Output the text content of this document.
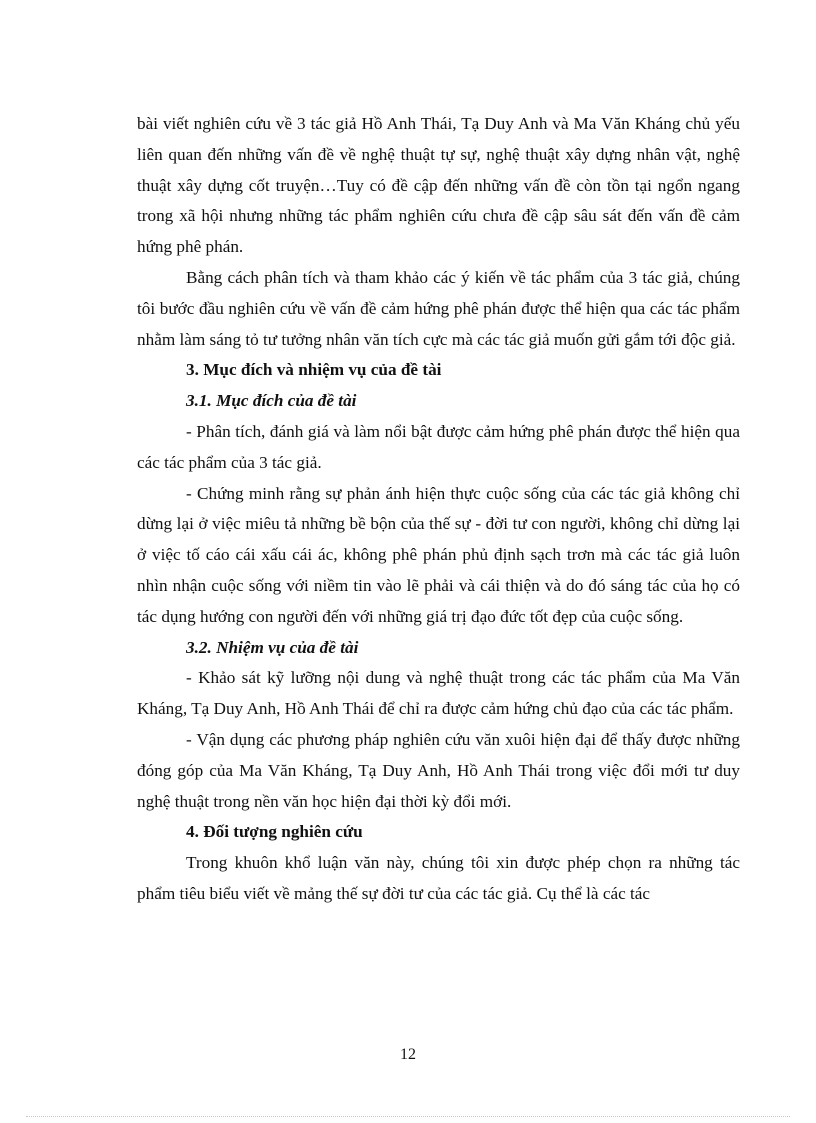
bài viết nghiên cứu về 3 tác giả Hồ Anh Thái, Tạ Duy Anh và Ma Văn Kháng chủ yếu liên quan đến những vấn đề về nghệ thuật tự sự, nghệ thuật xây dựng nhân vật, nghệ thuật xây dựng cốt truyện…Tuy có đề cập đến những vấn đề còn tồn tại ngổn ngang trong xã hội nhưng những tác phẩm nghiên cứu chưa đề cập sâu sát đến vấn đề cảm hứng phê phán.

Bằng cách phân tích và tham khảo các ý kiến về tác phẩm của 3 tác giả, chúng tôi bước đầu nghiên cứu về vấn đề cảm hứng phê phán được thể hiện qua các tác phẩm nhằm làm sáng tỏ tư tưởng nhân văn tích cực mà các tác giả muốn gửi gắm tới độc giả.

3. Mục đích và nhiệm vụ của đề tài

3.1. Mục đích của đề tài

- Phân tích, đánh giá và làm nổi bật được cảm hứng phê phán được thể hiện qua các tác phẩm của 3 tác giả.

- Chứng minh rằng sự phản ánh hiện thực cuộc sống của các tác giả không chỉ dừng lại ở việc miêu tả những bề bộn của thế sự - đời tư con người, không chỉ dừng lại ở việc tố cáo cái xấu cái ác, không phê phán phủ định sạch trơn mà các tác giả luôn nhìn nhận cuộc sống với niềm tin vào lẽ phải và cái thiện và do đó sáng tác của họ có tác dụng hướng con người đến với những giá trị đạo đức tốt đẹp của cuộc sống.

3.2. Nhiệm vụ của đề tài

- Khảo sát kỹ lưỡng nội dung và nghệ thuật trong các tác phẩm của Ma Văn Kháng, Tạ Duy Anh, Hồ Anh Thái để chỉ ra được cảm hứng chủ đạo của các tác phẩm.

- Vận dụng các phương pháp nghiên cứu văn xuôi hiện đại để thấy được những đóng góp của Ma Văn Kháng, Tạ Duy Anh, Hồ Anh Thái trong việc đổi mới tư duy nghệ thuật trong nền văn học hiện đại thời kỳ đổi mới.

4. Đối tượng nghiên cứu

Trong khuôn khổ luận văn này, chúng tôi xin được phép chọn ra những tác phẩm tiêu biểu viết về mảng thế sự đời tư của các tác giả. Cụ thể là các tác

12
